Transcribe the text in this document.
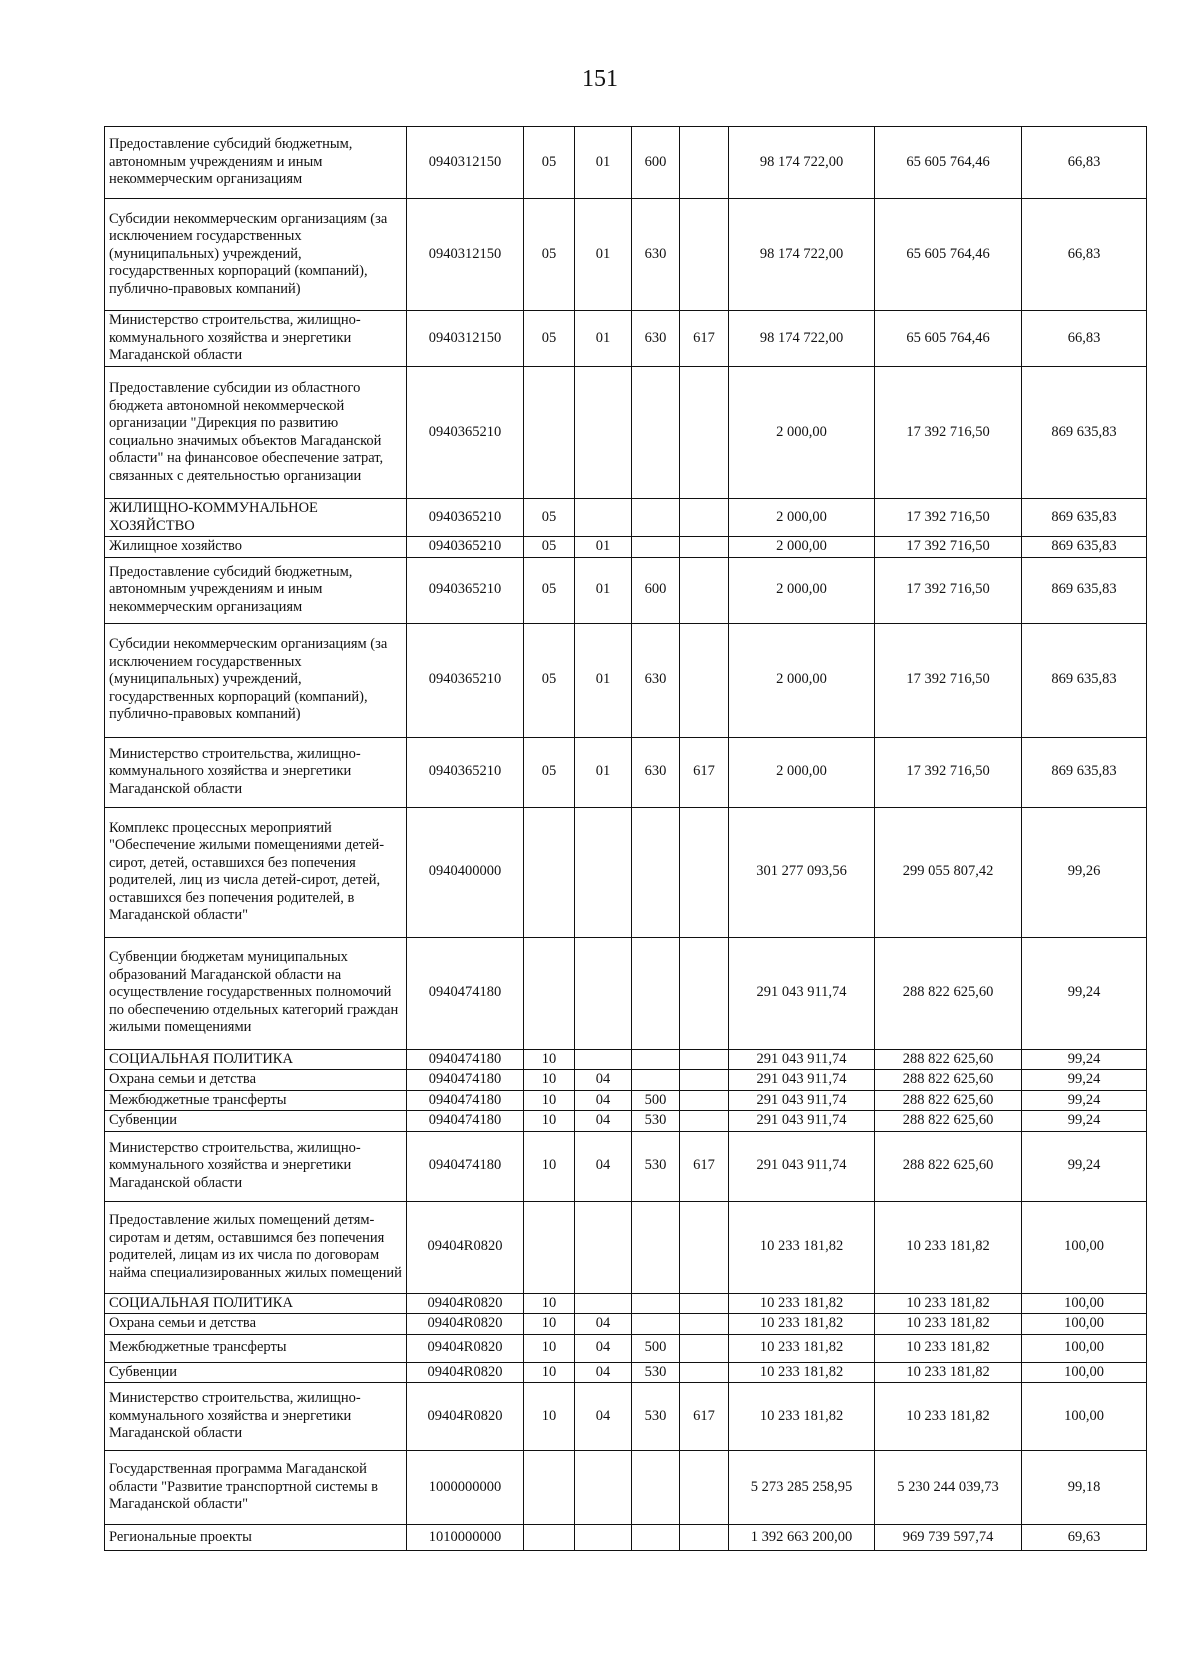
151
Предоставление субсидий бюджетным, автономным учреждениям и иным некоммерческим организациям	0940312150	05	01	600		98 174 722,00	65 605 764,46	66,83
Субсидии некоммерческим организациям (за исключением государственных (муниципальных) учреждений, государственных корпораций (компаний), публично-правовых компаний)	0940312150	05	01	630		98 174 722,00	65 605 764,46	66,83
Министерство строительства, жилищно-коммунального хозяйства и энергетики Магаданской области	0940312150	05	01	630	617	98 174 722,00	65 605 764,46	66,83
Предоставление субсидии из областного бюджета автономной некоммерческой организации "Дирекция по развитию социально значимых объектов Магаданской области" на финансовое обеспечение затрат, связанных с деятельностью организации	0940365210					2 000,00	17 392 716,50	869 635,83
ЖИЛИЩНО-КОММУНАЛЬНОЕ ХОЗЯЙСТВО	0940365210	05				2 000,00	17 392 716,50	869 635,83
Жилищное хозяйство	0940365210	05	01			2 000,00	17 392 716,50	869 635,83
Предоставление субсидий бюджетным, автономным учреждениям и иным некоммерческим организациям	0940365210	05	01	600		2 000,00	17 392 716,50	869 635,83
Субсидии некоммерческим организациям (за исключением государственных (муниципальных) учреждений, государственных корпораций (компаний), публично-правовых компаний)	0940365210	05	01	630		2 000,00	17 392 716,50	869 635,83
Министерство строительства, жилищно-коммунального хозяйства и энергетики Магаданской области	0940365210	05	01	630	617	2 000,00	17 392 716,50	869 635,83
Комплекс процессных мероприятий "Обеспечение жилыми помещениями детей-сирот, детей, оставшихся без попечения родителей, лиц из числа детей-сирот, детей, оставшихся без попечения родителей, в Магаданской области"	0940400000					301 277 093,56	299 055 807,42	99,26
Субвенции бюджетам муниципальных образований Магаданской области на осуществление государственных полномочий по обеспечению отдельных категорий граждан жилыми помещениями	0940474180					291 043 911,74	288 822 625,60	99,24
СОЦИАЛЬНАЯ ПОЛИТИКА	0940474180	10				291 043 911,74	288 822 625,60	99,24
Охрана семьи и детства	0940474180	10	04			291 043 911,74	288 822 625,60	99,24
Межбюджетные трансферты	0940474180	10	04	500		291 043 911,74	288 822 625,60	99,24
Субвенции	0940474180	10	04	530		291 043 911,74	288 822 625,60	99,24
Министерство строительства, жилищно-коммунального хозяйства и энергетики Магаданской области	0940474180	10	04	530	617	291 043 911,74	288 822 625,60	99,24
Предоставление жилых помещений детям-сиротам и детям, оставшимся без попечения родителей, лицам из их числа по договорам найма специализированных жилых помещений	09404R0820					10 233 181,82	10 233 181,82	100,00
СОЦИАЛЬНАЯ ПОЛИТИКА	09404R0820	10				10 233 181,82	10 233 181,82	100,00
Охрана семьи и детства	09404R0820	10	04			10 233 181,82	10 233 181,82	100,00
Межбюджетные трансферты	09404R0820	10	04	500		10 233 181,82	10 233 181,82	100,00
Субвенции	09404R0820	10	04	530		10 233 181,82	10 233 181,82	100,00
Министерство строительства, жилищно-коммунального хозяйства и энергетики Магаданской области	09404R0820	10	04	530	617	10 233 181,82	10 233 181,82	100,00
Государственная программа Магаданской области "Развитие транспортной системы в Магаданской области"	1000000000					5 273 285 258,95	5 230 244 039,73	99,18
Региональные проекты	1010000000					1 392 663 200,00	969 739 597,74	69,63
